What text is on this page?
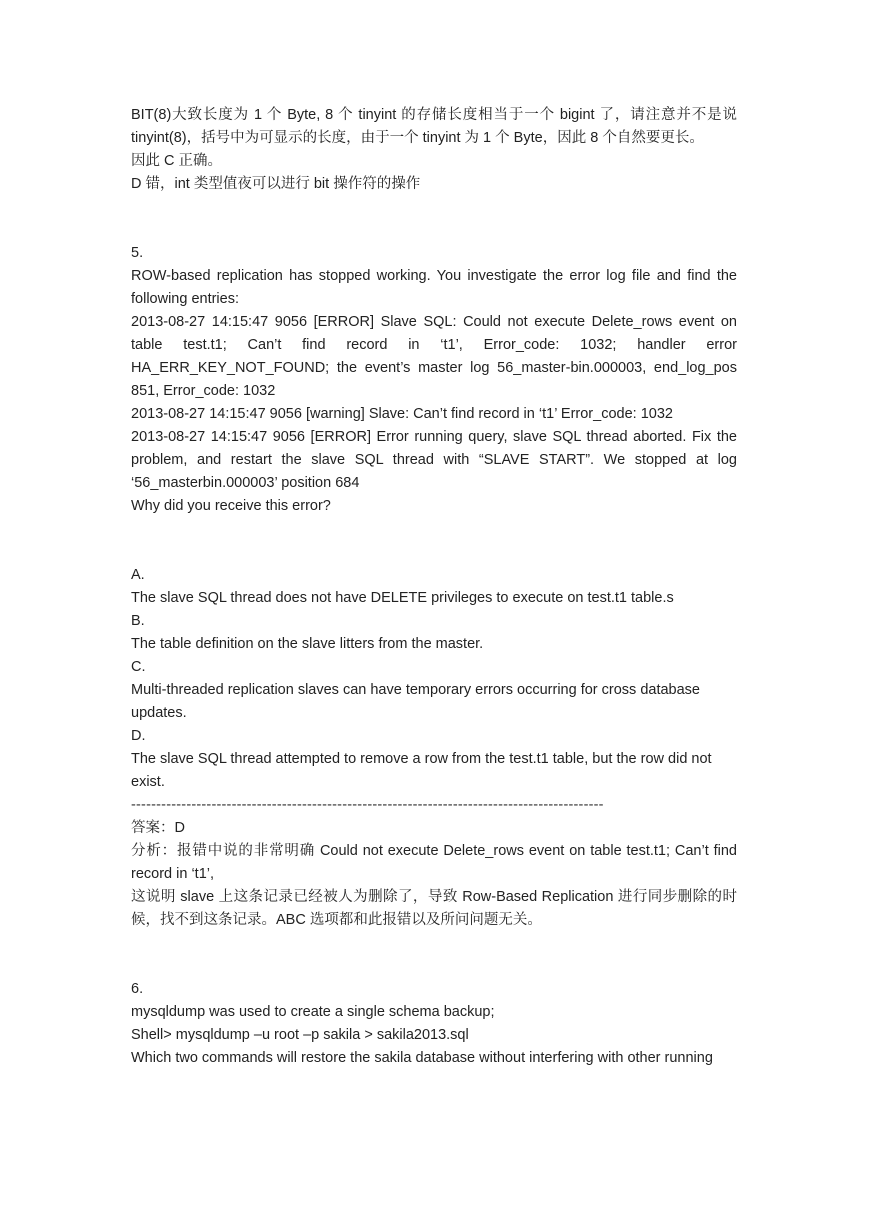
BIT(8)大致长度为 1 个 Byte, 8 个 tinyint 的存储长度相当于一个 bigint 了，请注意并不是说 tinyint(8)，括号中为可显示的长度，由于一个 tinyint 为 1 个 Byte，因此 8 个自然要更长。

因此 C 正确。

D 错，int 类型值夜可以进行 bit 操作符的操作

5.

ROW-based replication has stopped working. You investigate the error log file and find the following entries:

2013-08-27 14:15:47 9056 [ERROR] Slave SQL: Could not execute Delete_rows event on table test.t1; Can’t find record in ‘t1’, Error_code: 1032; handler error HA_ERR_KEY_NOT_FOUND; the event’s master log 56_master-bin.000003, end_log_pos 851, Error_code: 1032

2013-08-27 14:15:47 9056 [warning] Slave: Can’t find record in ‘t1’ Error_code: 1032

2013-08-27 14:15:47 9056 [ERROR] Error running query, slave SQL thread aborted. Fix the problem, and restart the slave SQL thread with “SLAVE START”. We stopped at log ‘56_masterbin.000003’ position 684

Why did you receive this error?

A.

The slave SQL thread does not have DELETE privileges to execute on test.t1 table.s

B.

The table definition on the slave litters from the master.

C.

Multi-threaded replication slaves can have temporary errors occurring for cross database updates.

D.

The slave SQL thread attempted to remove a row from the test.t1 table, but the row did not

exist.

----------------------------------------------------------------------------------------------

答案：D

分析：报错中说的非常明确 Could not execute Delete_rows event on table test.t1; Can’t find record in ‘t1’,

这说明 slave 上这条记录已经被人为删除了，导致 Row-Based Replication 进行同步删除的时候，找不到这条记录。ABC 选项都和此报错以及所问问题无关。

6.

mysqldump was used to create a single schema backup;

Shell> mysqldump –u root –p sakila > sakila2013.sql

Which two commands will restore the sakila database without interfering with other running
